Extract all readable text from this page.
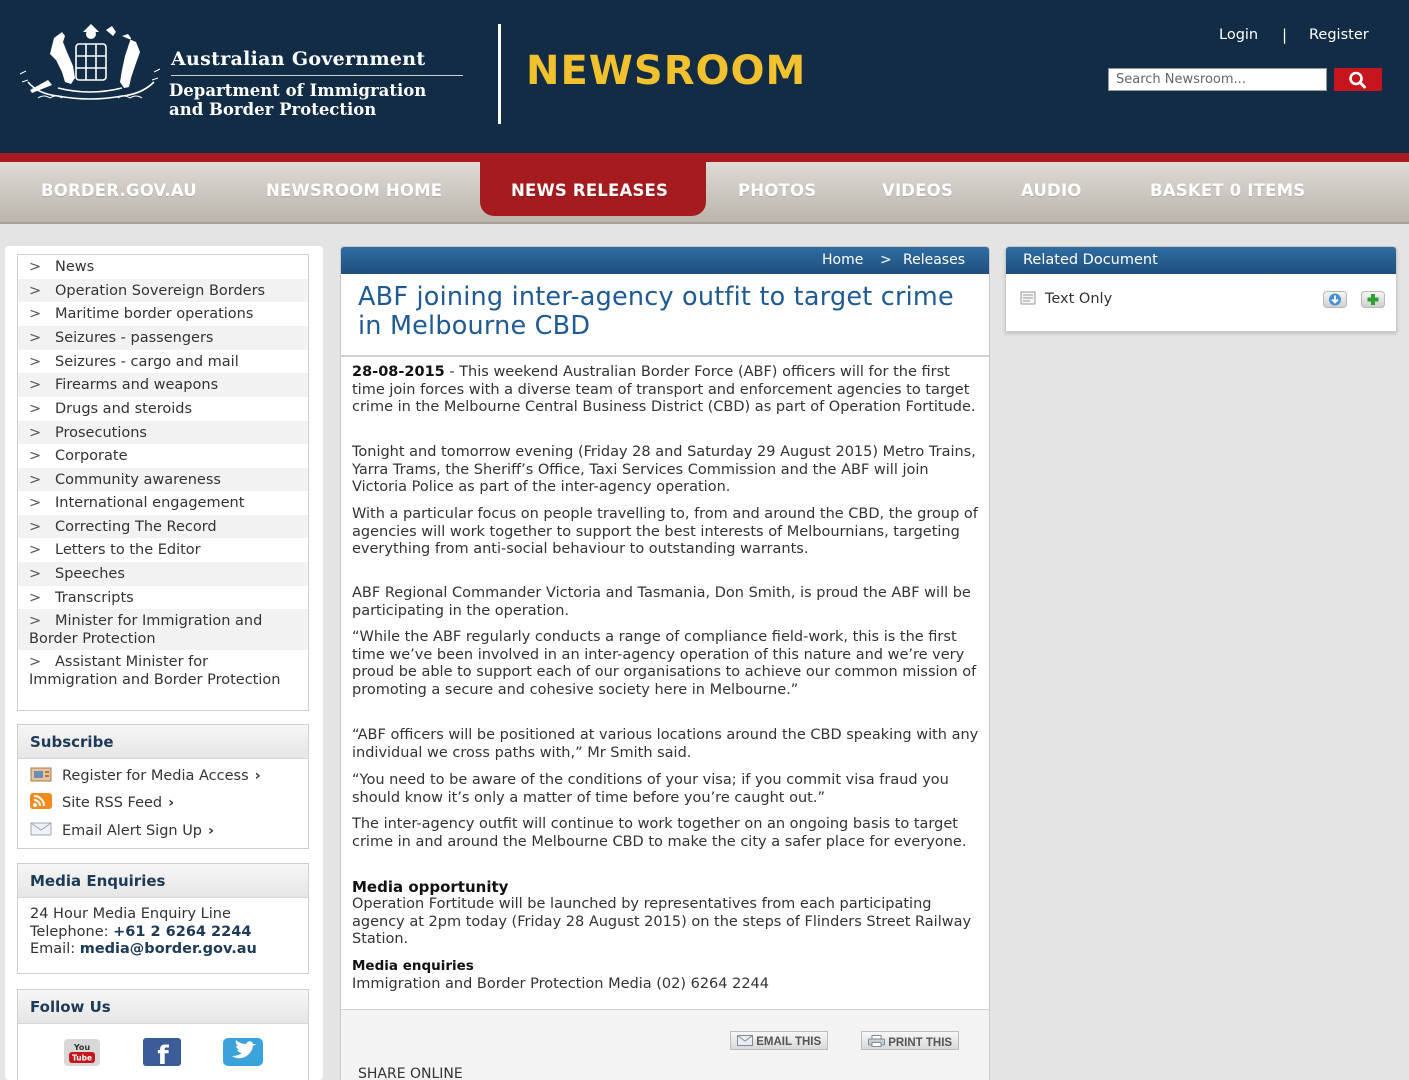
Australian Government
Department of Immigration
and Border Protection
NEWSROOM
Login | Register
Search Newsroom...
BORDER.GOV.AU	NEWSROOM HOME	NEWS RELEASES	PHOTOS	VIDEOS	AUDIO	BASKET 0 ITEMS
> News
> Operation Sovereign Borders
> Maritime border operations
> Seizures - passengers
> Seizures - cargo and mail
> Firearms and weapons
> Drugs and steroids
> Prosecutions
> Corporate
> Community awareness
> International engagement
> Correcting The Record
> Letters to the Editor
> Speeches
> Transcripts
> Minister for Immigration and Border Protection
> Assistant Minister for Immigration and Border Protection
Subscribe
Register for Media Access ›
Site RSS Feed ›
Email Alert Sign Up ›
Media Enquiries
24 Hour Media Enquiry Line
Telephone: +61 2 6264 2244
Email: media@border.gov.au
Follow Us
You
Tube	f
Home > Releases
ABF joining inter-agency outfit to target crime in Melbourne CBD
28-08-2015 - This weekend Australian Border Force (ABF) officers will for the first time join forces with a diverse team of transport and enforcement agencies to target crime in the Melbourne Central Business District (CBD) as part of Operation Fortitude.
Tonight and tomorrow evening (Friday 28 and Saturday 29 August 2015) Metro Trains, Yarra Trams, the Sheriff’s Office, Taxi Services Commission and the ABF will join Victoria Police as part of the inter-agency operation.
With a particular focus on people travelling to, from and around the CBD, the group of agencies will work together to support the best interests of Melbournians, targeting everything from anti-social behaviour to outstanding warrants.
ABF Regional Commander Victoria and Tasmania, Don Smith, is proud the ABF will be participating in the operation.
“While the ABF regularly conducts a range of compliance field-work, this is the first time we’ve been involved in an inter-agency operation of this nature and we’re very proud be able to support each of our organisations to achieve our common mission of promoting a secure and cohesive society here in Melbourne.”
“ABF officers will be positioned at various locations around the CBD speaking with any individual we cross paths with,” Mr Smith said.
“You need to be aware of the conditions of your visa; if you commit visa fraud you should know it’s only a matter of time before you’re caught out.”
The inter-agency outfit will continue to work together on an ongoing basis to target crime in and around the Melbourne CBD to make the city a safer place for everyone.
Media opportunity
Operation Fortitude will be launched by representatives from each participating agency at 2pm today (Friday 28 August 2015) on the steps of Flinders Street Railway Station.
Media enquiries
Immigration and Border Protection Media (02) 6264 2244
EMAIL THIS	PRINT THIS
SHARE ONLINE
Related Document
Text Only
